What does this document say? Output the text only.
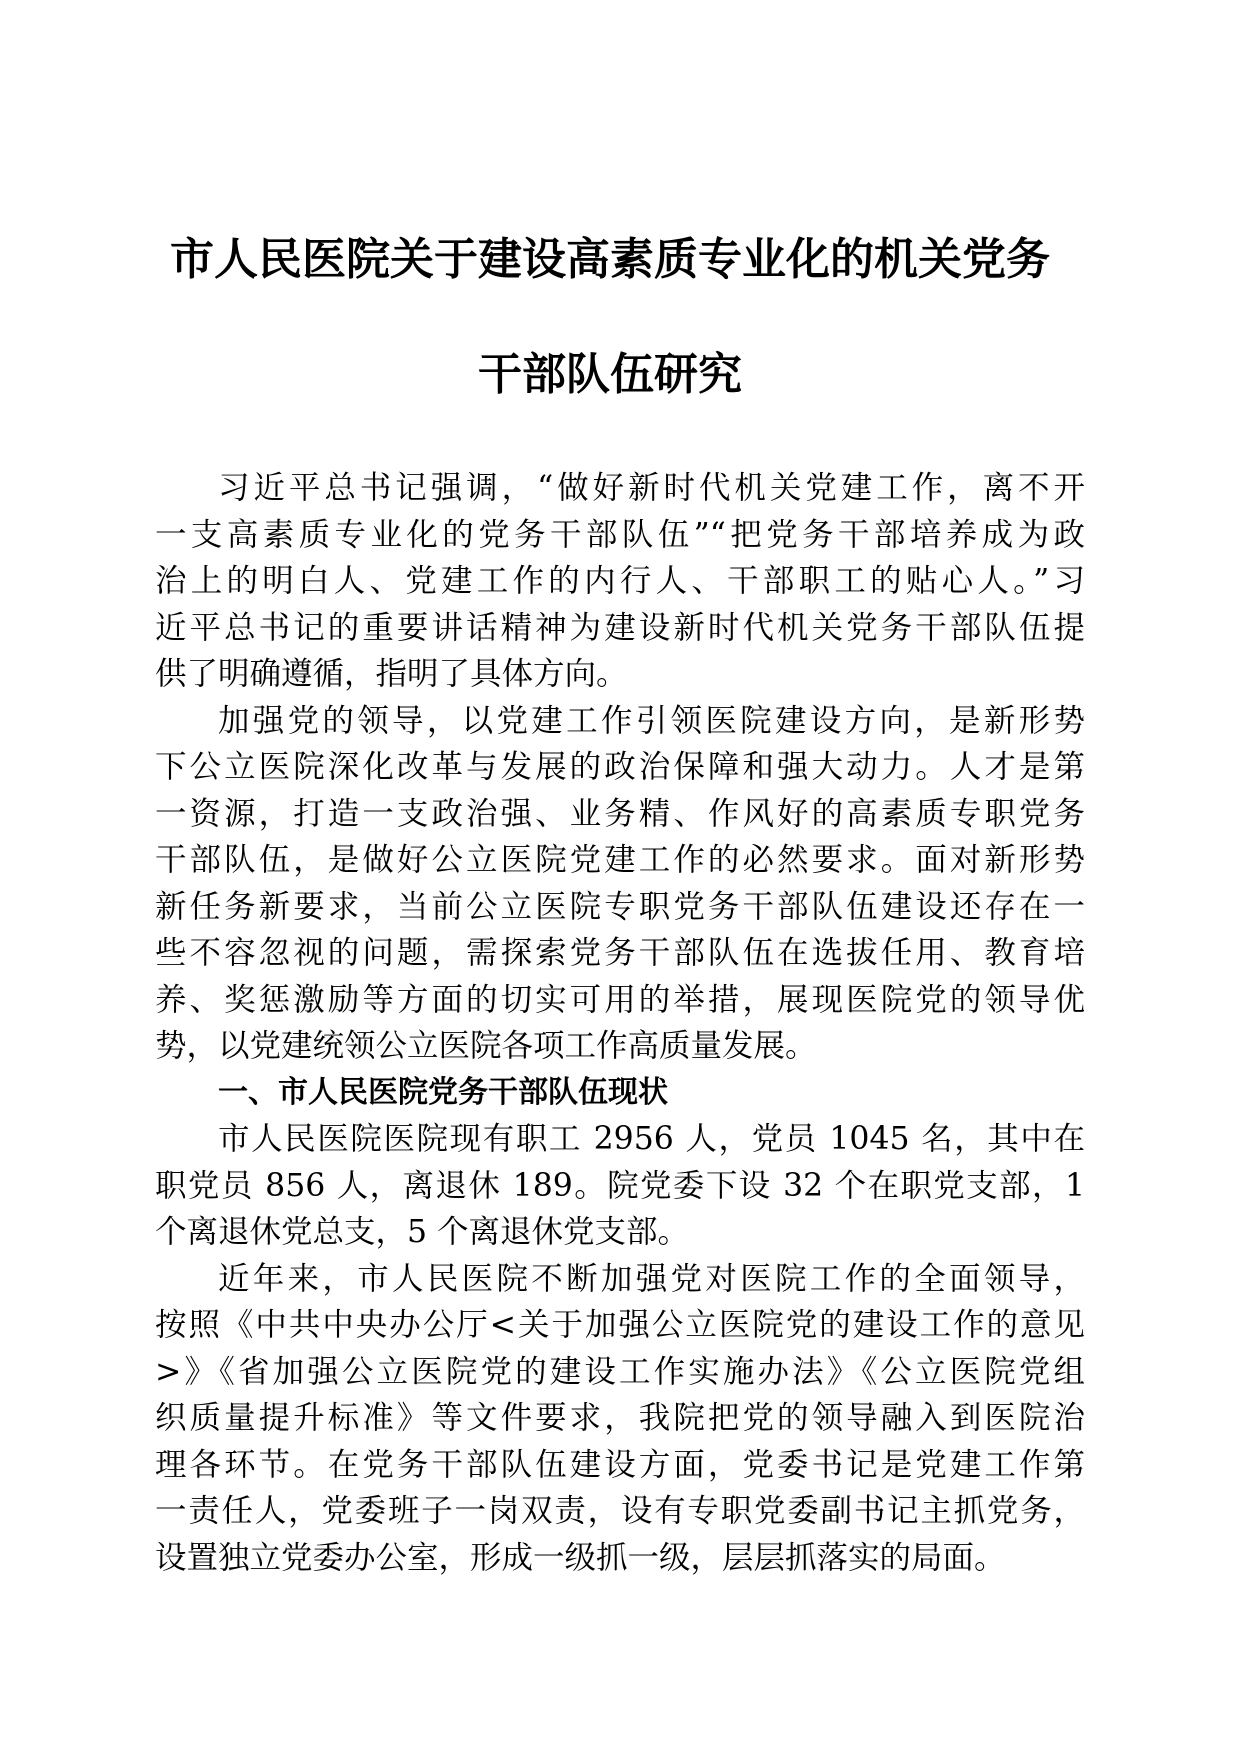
市人民医院关于建设高素质专业化的机关党务
干部队伍研究
习近平总书记强调，“做好新时代机关党建工作，离不开
一支高素质专业化的党务干部队伍”“把党务干部培养成为政
治上的明白人、党建工作的内行人、干部职工的贴心人。”习
近平总书记的重要讲话精神为建设新时代机关党务干部队伍提
供了明确遵循，指明了具体方向。
加强党的领导，以党建工作引领医院建设方向，是新形势
下公立医院深化改革与发展的政治保障和强大动力。人才是第
一资源，打造一支政治强、业务精、作风好的高素质专职党务
干部队伍，是做好公立医院党建工作的必然要求。面对新形势
新任务新要求，当前公立医院专职党务干部队伍建设还存在一
些不容忽视的问题，需探索党务干部队伍在选拔任用、教育培
养、奖惩激励等方面的切实可用的举措，展现医院党的领导优
势，以党建统领公立医院各项工作高质量发展。
一、市人民医院党务干部队伍现状
市人民医院医院现有职工 2956 人，党员 1045 名，其中在
职党员 856 人，离退休 189。院党委下设 32 个在职党支部，1
个离退休党总支，5 个离退休党支部。
近年来，市人民医院不断加强党对医院工作的全面领导，
按照《中共中央办公厅<关于加强公立医院党的建设工作的意见
>》《省加强公立医院党的建设工作实施办法》《公立医院党组
织质量提升标准》等文件要求，我院把党的领导融入到医院治
理各环节。在党务干部队伍建设方面，党委书记是党建工作第
一责任人，党委班子一岗双责，设有专职党委副书记主抓党务，
设置独立党委办公室，形成一级抓一级，层层抓落实的局面。
